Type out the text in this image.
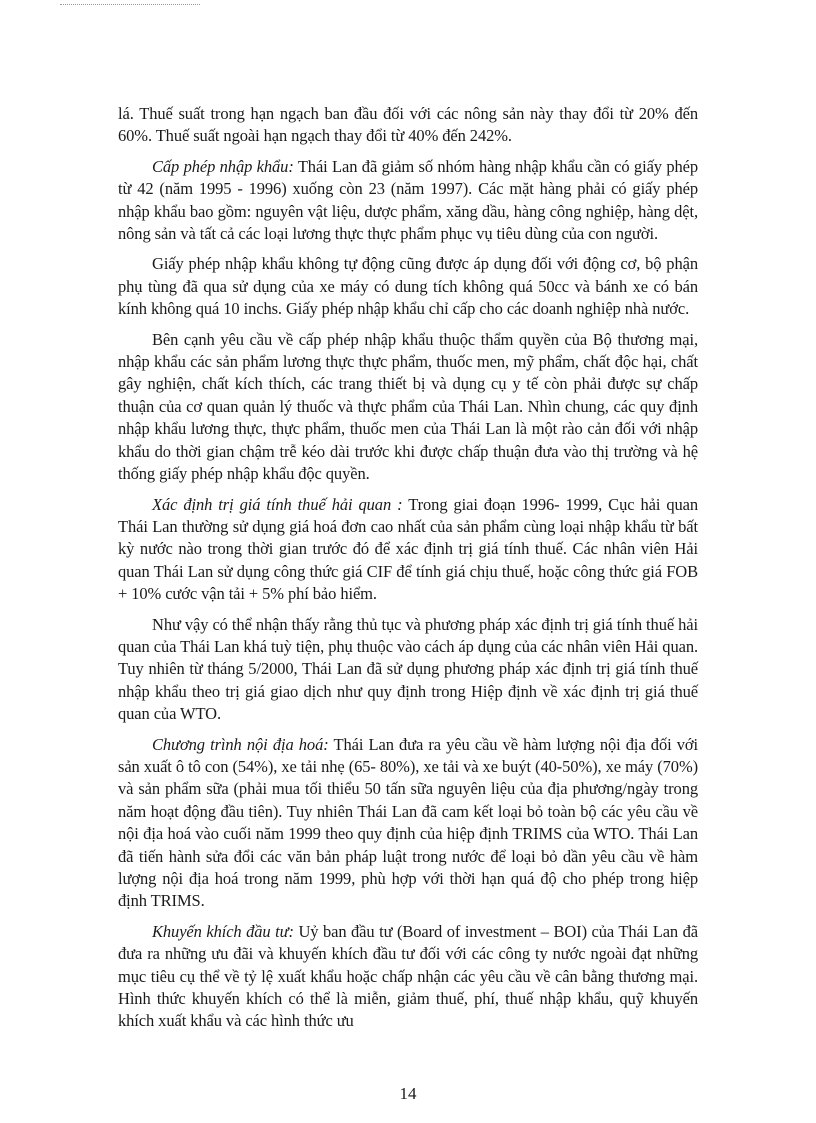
lá. Thuế suất trong hạn ngạch ban đầu đối với các nông sản này thay đổi từ 20% đến 60%. Thuế suất ngoài hạn ngạch thay đổi từ 40% đến 242%.

Cấp phép nhập khẩu: Thái Lan đã giảm số nhóm hàng nhập khẩu cần có giấy phép từ 42 (năm 1995 - 1996) xuống còn 23 (năm 1997). Các mặt hàng phải có giấy phép nhập khẩu bao gồm: nguyên vật liệu, dược phẩm, xăng dầu, hàng công nghiệp, hàng dệt, nông sản và tất cả các loại lương thực thực phẩm phục vụ tiêu dùng của con người.

Giấy phép nhập khẩu không tự động cũng được áp dụng đối với động cơ, bộ phận phụ tùng đã qua sử dụng của xe máy có dung tích không quá 50cc và bánh xe có bán kính không quá 10 inchs. Giấy phép nhập khẩu chỉ cấp cho các doanh nghiệp nhà nước.

Bên cạnh yêu cầu về cấp phép nhập khẩu thuộc thẩm quyền của Bộ thương mại, nhập khẩu các sản phẩm lương thực thực phẩm, thuốc men, mỹ phẩm, chất độc hại, chất gây nghiện, chất kích thích, các trang thiết bị và dụng cụ y tế còn phải được sự chấp thuận của cơ quan quản lý thuốc và thực phẩm của Thái Lan. Nhìn chung, các quy định nhập khẩu lương thực, thực phẩm, thuốc men của Thái Lan là một rào cản đối với nhập khẩu do thời gian chậm trễ kéo dài trước khi được chấp thuận đưa vào thị trường và hệ thống giấy phép nhập khẩu độc quyền.

Xác định trị giá tính thuế hải quan : Trong giai đoạn 1996- 1999, Cục hải quan Thái Lan thường sử dụng giá hoá đơn cao nhất của sản phẩm cùng loại nhập khẩu từ bất kỳ nước nào trong thời gian trước đó để xác định trị giá tính thuế. Các nhân viên Hải quan Thái Lan sử dụng công thức giá CIF để tính giá chịu thuế, hoặc công thức giá FOB + 10% cước vận tải + 5% phí bảo hiểm.

Như vậy có thể nhận thấy rằng thủ tục và phương pháp xác định trị giá tính thuế hải quan của Thái Lan khá tuỳ tiện, phụ thuộc vào cách áp dụng của các nhân viên Hải quan. Tuy nhiên từ tháng 5/2000, Thái Lan đã sử dụng phương pháp xác định trị giá tính thuế nhập khẩu theo trị giá giao dịch như quy định trong Hiệp định về xác định trị giá thuế quan của WTO.

Chương trình nội địa hoá: Thái Lan đưa ra yêu cầu về hàm lượng nội địa đối với sản xuất ô tô con (54%), xe tải nhẹ (65- 80%), xe tải và xe buýt (40-50%), xe máy (70%) và sản phẩm sữa (phải mua tối thiểu 50 tấn sữa nguyên liệu của địa phương/ngày trong năm hoạt động đầu tiên). Tuy nhiên Thái Lan đã cam kết loại bỏ toàn bộ các yêu cầu về nội địa hoá vào cuối năm 1999 theo quy định của hiệp định TRIMS của WTO. Thái Lan đã tiến hành sửa đổi các văn bản pháp luật trong nước để loại bỏ dần yêu cầu về hàm lượng nội địa hoá trong năm 1999, phù hợp với thời hạn quá độ cho phép trong hiệp định TRIMS.

Khuyến khích đầu tư: Uỷ ban đầu tư (Board of investment – BOI) của Thái Lan đã đưa ra những ưu đãi và khuyến khích đầu tư đối với các công ty nước ngoài đạt những mục tiêu cụ thể về tỷ lệ xuất khẩu hoặc chấp nhận các yêu cầu về cân bằng thương mại. Hình thức khuyến khích có thể là miễn, giảm thuế, phí, thuế nhập khẩu, quỹ khuyến khích xuất khẩu và các hình thức ưu

14
